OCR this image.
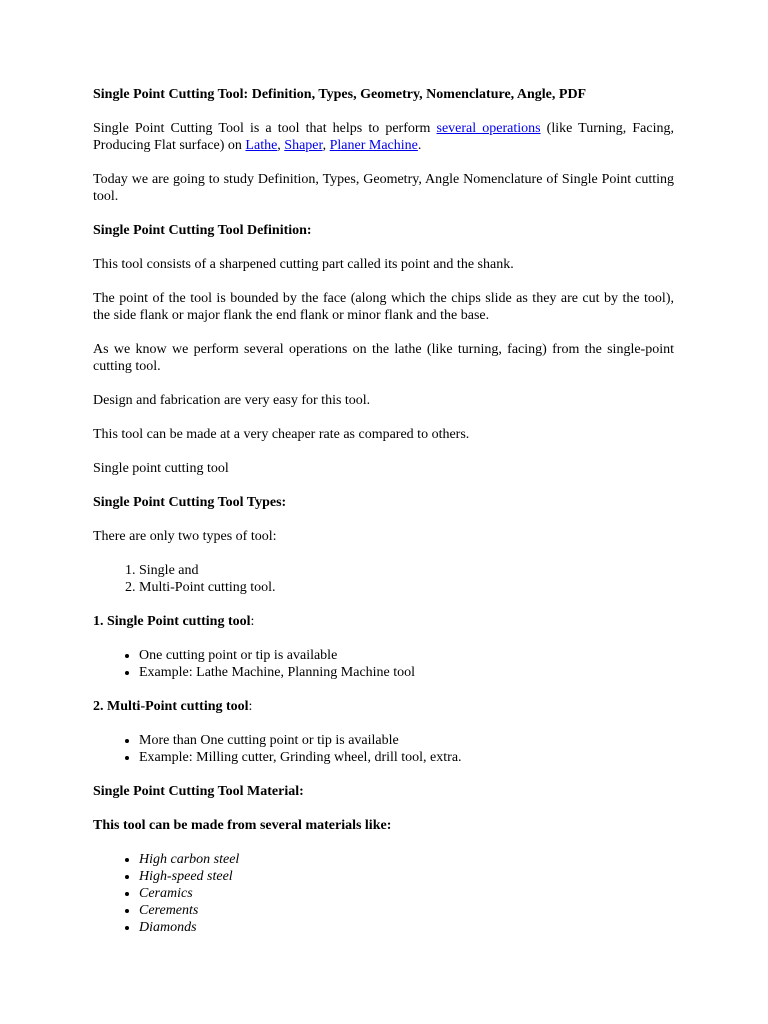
Single Point Cutting Tool: Definition, Types, Geometry, Nomenclature, Angle, PDF

Single Point Cutting Tool is a tool that helps to perform several operations (like Turning, Facing, Producing Flat surface) on Lathe, Shaper, Planer Machine.

Today we are going to study Definition, Types, Geometry, Angle Nomenclature of Single Point cutting tool.

Single Point Cutting Tool Definition:

This tool consists of a sharpened cutting part called its point and the shank.

The point of the tool is bounded by the face (along which the chips slide as they are cut by the tool), the side flank or major flank the end flank or minor flank and the base.

As we know we perform several operations on the lathe (like turning, facing) from the single-point cutting tool.

Design and fabrication are very easy for this tool.

This tool can be made at a very cheaper rate as compared to others.

Single point cutting tool

Single Point Cutting Tool Types:

There are only two types of tool:

1. Single and
2. Multi-Point cutting tool.

1. Single Point cutting tool:

• One cutting point or tip is available
• Example: Lathe Machine, Planning Machine tool

2. Multi-Point cutting tool:

• More than One cutting point or tip is available
• Example: Milling cutter, Grinding wheel, drill tool, extra.

Single Point Cutting Tool Material:

This tool can be made from several materials like:

• High carbon steel
• High-speed steel
• Ceramics
• Cerements
• Diamonds
